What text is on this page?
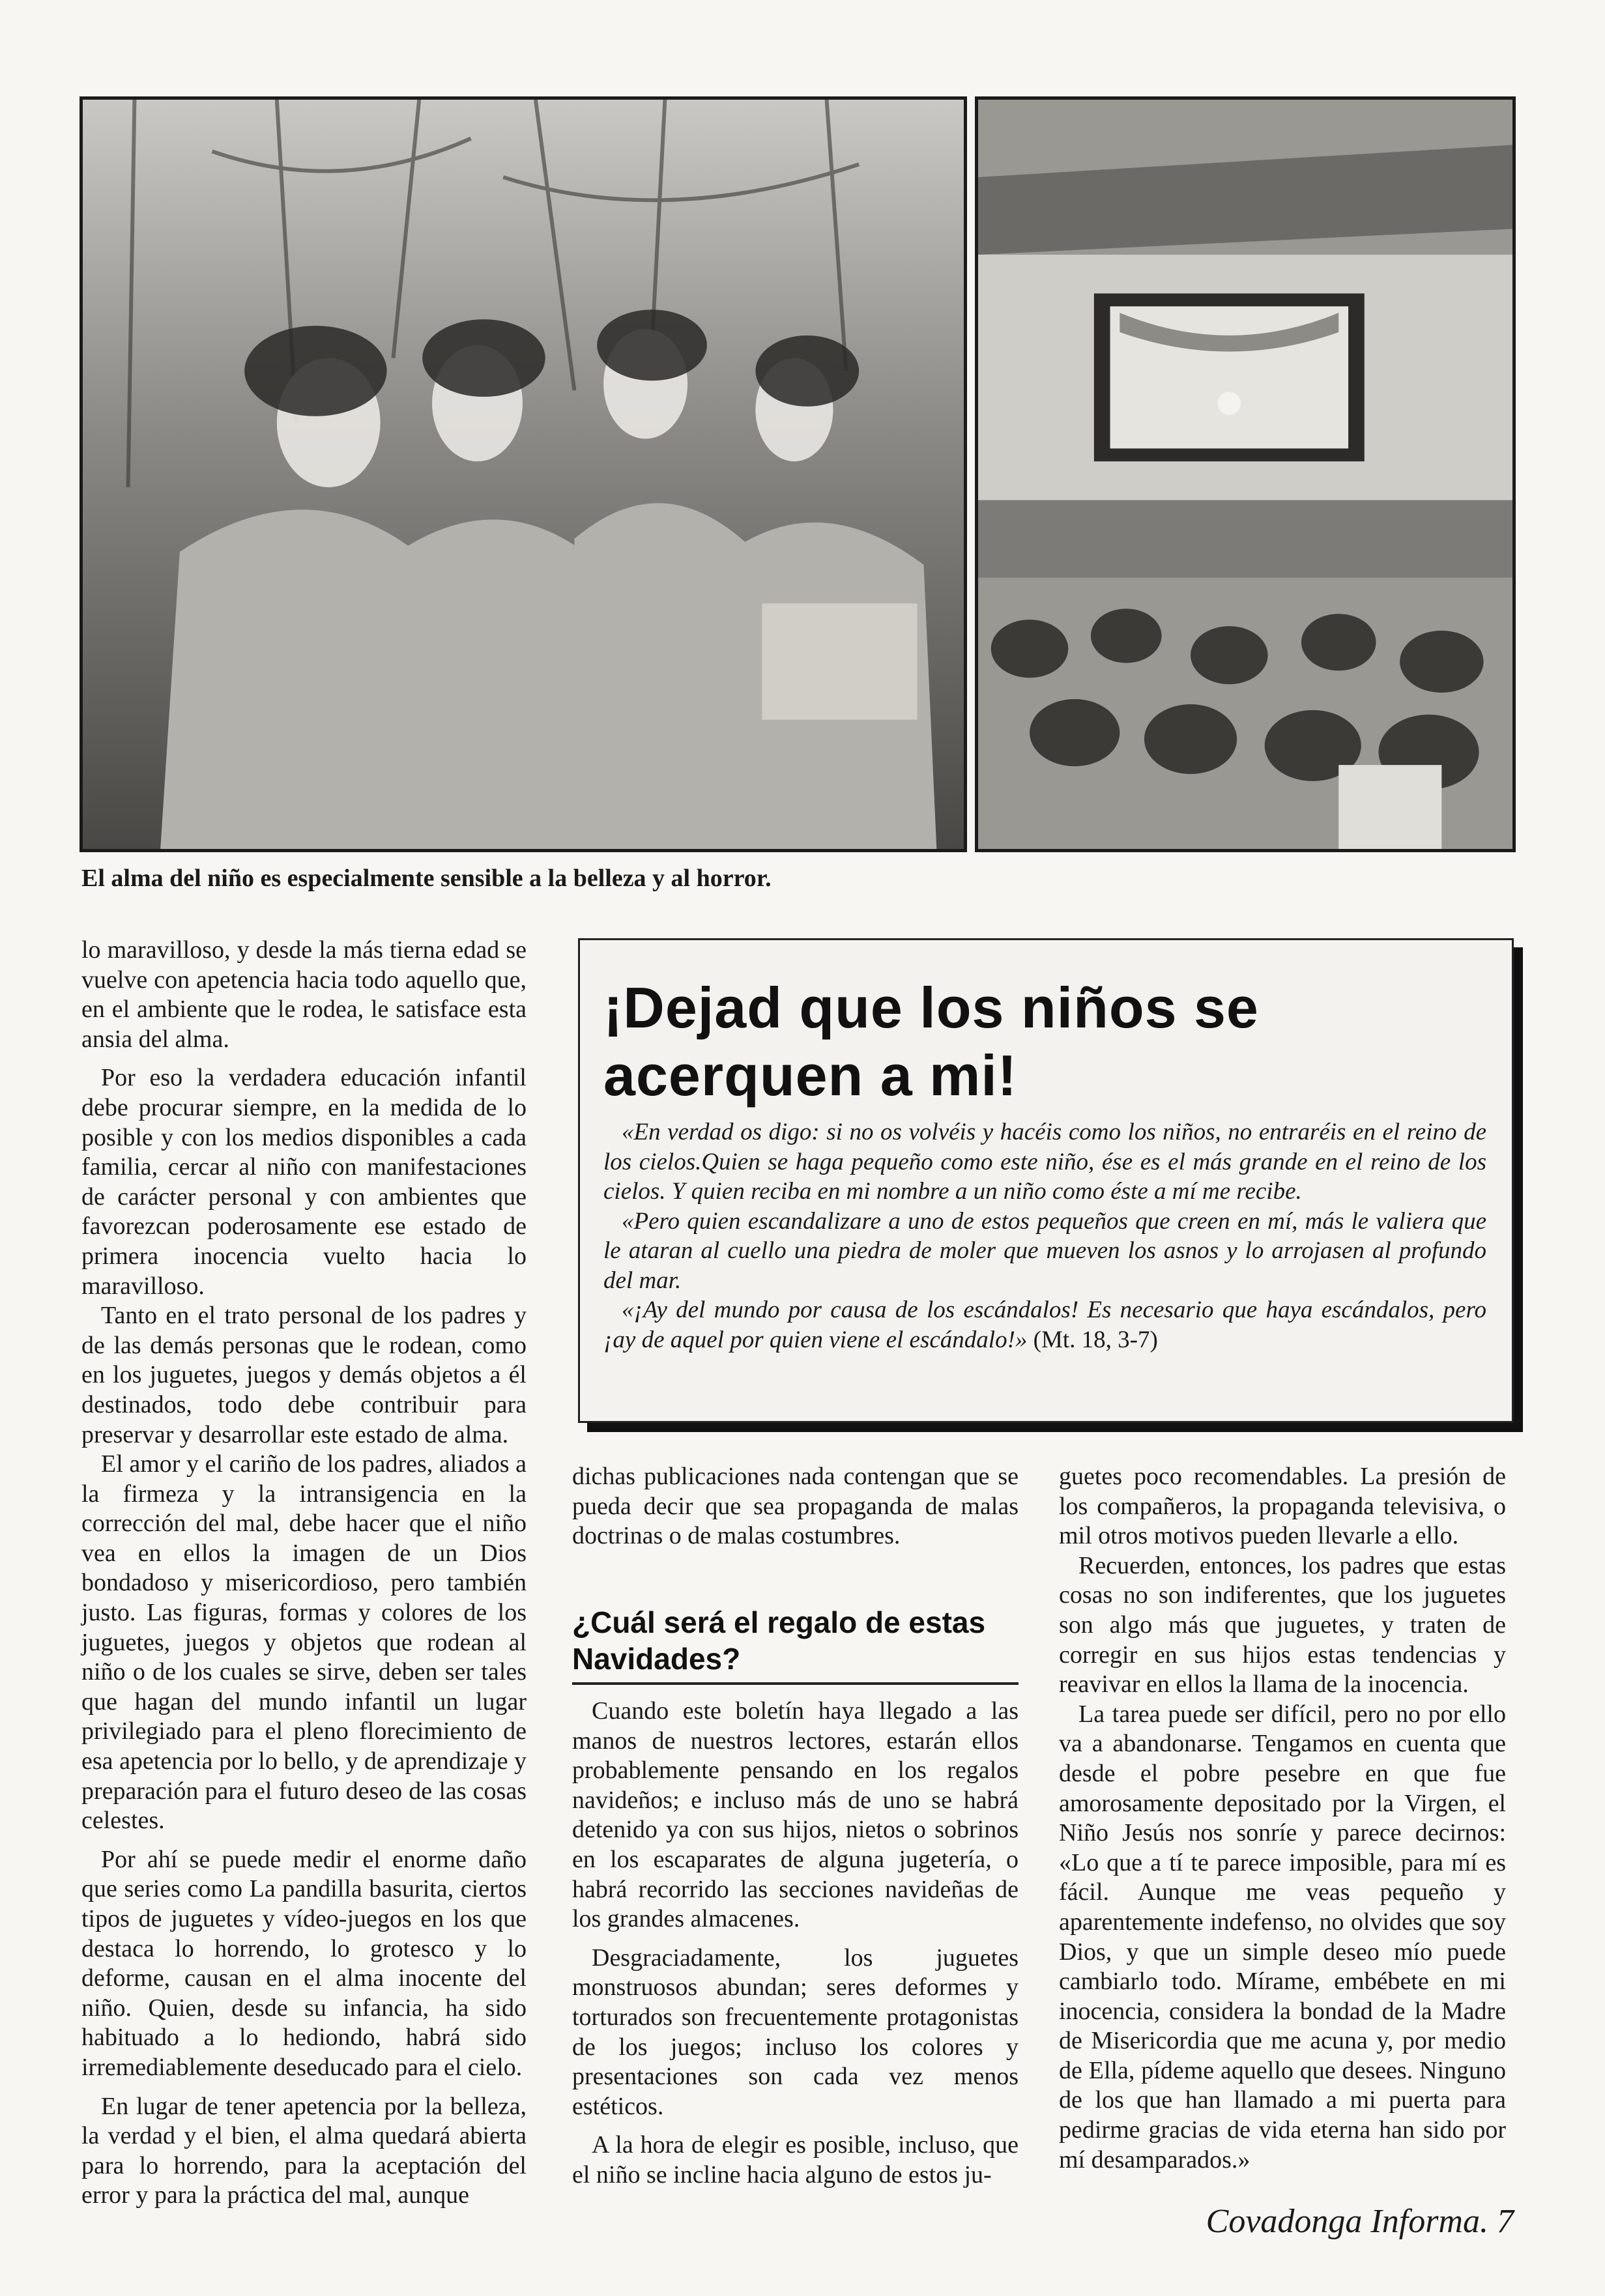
El alma del niño es especialmente sensible a la belleza y al horror.

lo maravilloso, y desde la más tierna edad se vuelve con apetencia hacia todo aquello que, en el ambiente que le rodea, le satisface esta ansia del alma.

Por eso la verdadera educación infantil debe procurar siempre, en la medida de lo posible y con los medios disponibles a cada familia, cercar al niño con manifestaciones de carácter personal y con ambientes que favorezcan poderosamente ese estado de primera inocencia vuelto hacia lo maravilloso.

Tanto en el trato personal de los padres y de las demás personas que le rodean, como en los juguetes, juegos y demás objetos a él destinados, todo debe contribuir para preservar y desarrollar este estado de alma.

El amor y el cariño de los padres, aliados a la firmeza y la intransigencia en la corrección del mal, debe hacer que el niño vea en ellos la imagen de un Dios bondadoso y misericordioso, pero también justo. Las figuras, formas y colores de los juguetes, juegos y objetos que rodean al niño o de los cuales se sirve, deben ser tales que hagan del mundo infantil un lugar privilegiado para el pleno florecimiento de esa apetencia por lo bello, y de aprendizaje y preparación para el futuro deseo de las cosas celestes.

Por ahí se puede medir el enorme daño que series como La pandilla basurita, ciertos tipos de juguetes y vídeo-juegos en los que destaca lo horrendo, lo grotesco y lo deforme, causan en el alma inocente del niño. Quien, desde su infancia, ha sido habituado a lo hediondo, habrá sido irremediablemente deseducado para el cielo.

En lugar de tener apetencia por la belleza, la verdad y el bien, el alma quedará abierta para lo horrendo, para la aceptación del error y para la práctica del mal, aunque

¡Dejad que los niños se acerquen a mi!

«En verdad os digo: si no os volvéis y hacéis como los niños, no entraréis en el reino de los cielos.Quien se haga pequeño como este niño, ése es el más grande en el reino de los cielos. Y quien reciba en mi nombre a un niño como éste a mí me recibe.

«Pero quien escandalizare a uno de estos pequeños que creen en mí, más le valiera que le ataran al cuello una piedra de moler que mueven los asnos y lo arrojasen al profundo del mar.

«¡Ay del mundo por causa de los escándalos! Es necesario que haya escándalos, pero ¡ay de aquel por quien viene el escándalo!» (Mt. 18, 3-7)

dichas publicaciones nada contengan que se pueda decir que sea propaganda de malas doctrinas o de malas costumbres.

¿Cuál será el regalo de estas Navidades?

Cuando este boletín haya llegado a las manos de nuestros lectores, estarán ellos probablemente pensando en los regalos navideños; e incluso más de uno se habrá detenido ya con sus hijos, nietos o sobrinos en los escaparates de alguna jugetería, o habrá recorrido las secciones navideñas de los grandes almacenes.

Desgraciadamente, los juguetes monstruosos abundan; seres deformes y torturados son frecuentemente protagonistas de los juegos; incluso los colores y presentaciones son cada vez menos estéticos.

A la hora de elegir es posible, incluso, que el niño se incline hacia alguno de estos ju-

guetes poco recomendables. La presión de los compañeros, la propaganda televisiva, o mil otros motivos pueden llevarle a ello.

Recuerden, entonces, los padres que estas cosas no son indiferentes, que los juguetes son algo más que juguetes, y traten de corregir en sus hijos estas tendencias y reavivar en ellos la llama de la inocencia.

La tarea puede ser difícil, pero no por ello va a abandonarse. Tengamos en cuenta que desde el pobre pesebre en que fue amorosamente depositado por la Virgen, el Niño Jesús nos sonríe y parece decirnos: «Lo que a tí te parece imposible, para mí es fácil. Aunque me veas pequeño y aparentemente indefenso, no olvides que soy Dios, y que un simple deseo mío puede cambiarlo todo. Mírame, embébete en mi inocencia, considera la bondad de la Madre de Misericordia que me acuna y, por medio de Ella, pídeme aquello que desees. Ninguno de los que han llamado a mi puerta para pedirme gracias de vida eterna han sido por mí desamparados.»

Covadonga Informa. 7
